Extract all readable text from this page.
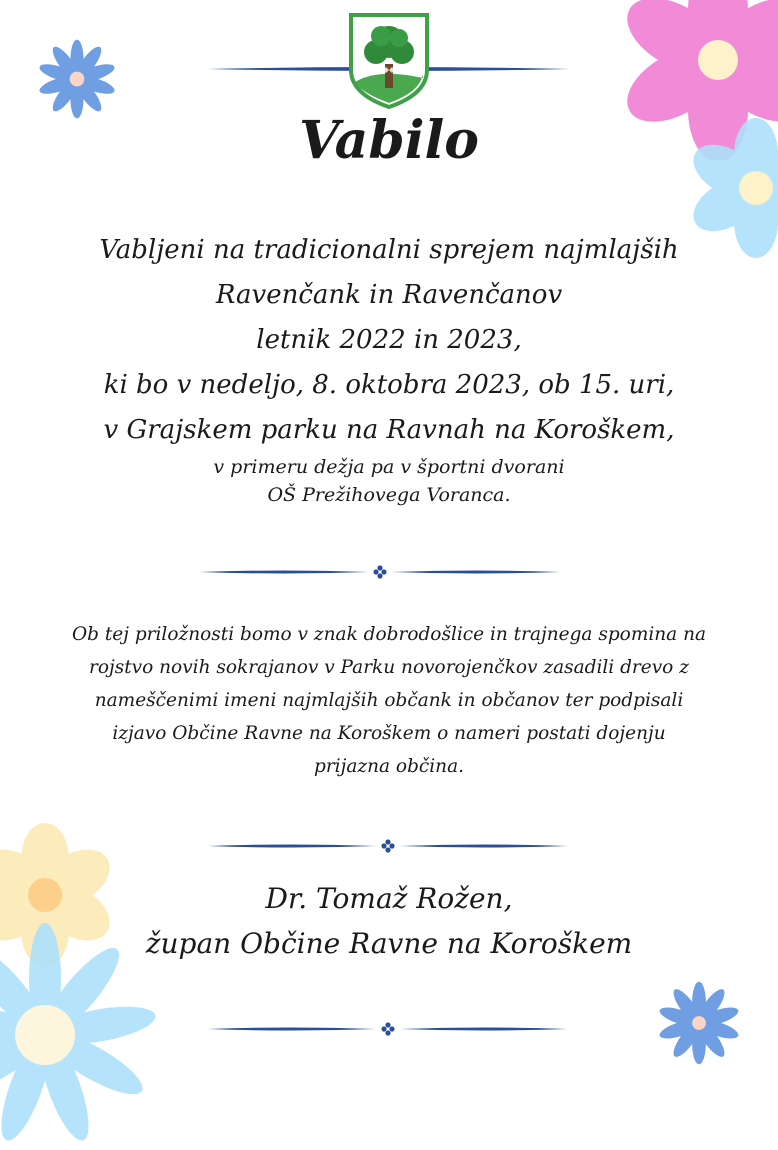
Vabilo
Vabljeni na tradicionalni sprejem najmlajših
Ravenčank in Ravenčanov
letnik 2022 in 2023,
ki bo v nedeljo, 8. oktobra 2023, ob 15. uri,
v Grajskem parku na Ravnah na Koroškem,
v primeru dežja pa v športni dvorani
OŠ Prežihovega Voranca.
Ob tej priložnosti bomo v znak dobrodošlice in trajnega spomina na
rojstvo novih sokrajanov v Parku novorojenčkov zasadili drevo z
nameščenimi imeni najmlajših občank in občanov ter podpisali
izjavo Občine Ravne na Koroškem o nameri postati dojenju
prijazna občina.
Dr. Tomaž Rožen,
župan Občine Ravne na Koroškem
